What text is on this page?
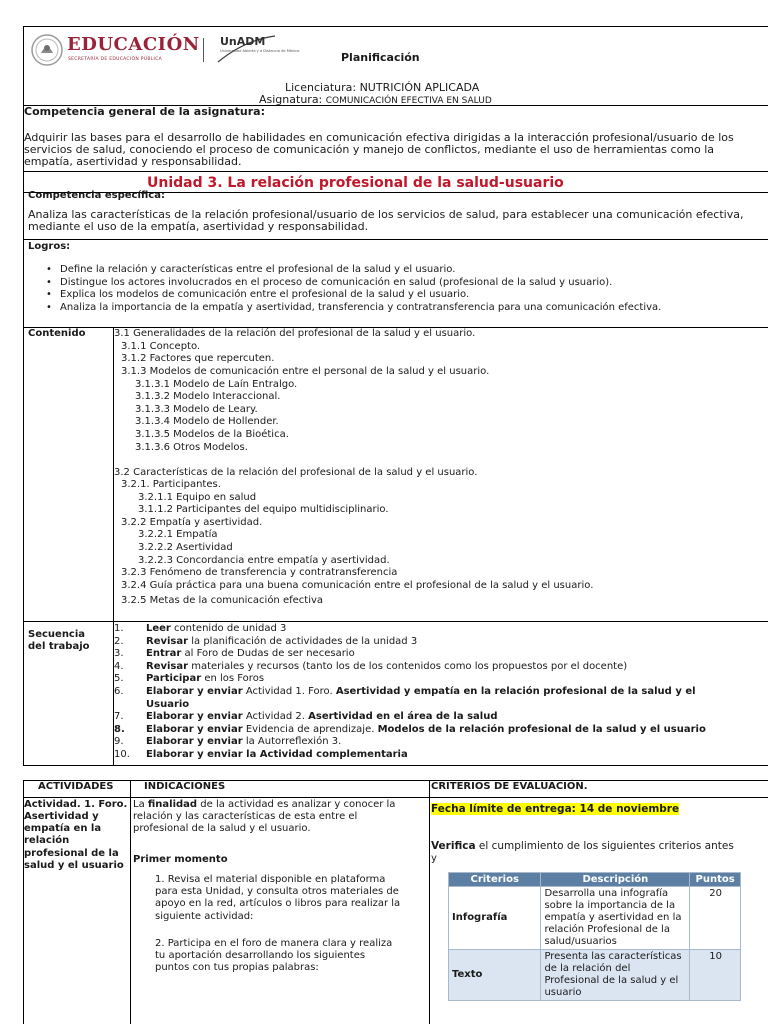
EDUCACIÓN
SECRETARÍA DE EDUCACIÓN PÚBLICA
UnADM
Universidad Abierta y a Distancia de México	Planificación
Licenciatura: NUTRICIÓN APLICADA
Asignatura: COMUNICACIÓN EFECTIVA EN SALUD
Competencia general de la asignatura:
Adquirir las bases para el desarrollo de habilidades en comunicación efectiva dirigidas a la interacción profesional/usuario de los
servicios de salud, conociendo el proceso de comunicación y manejo de conflictos, mediante el uso de herramientas como la
empatía, asertividad y responsabilidad.
Unidad 3. La relación profesional de la salud-usuario
Competencia específica:
Analiza las características de la relación profesional/usuario de los servicios de salud, para establecer una comunicación efectiva,
mediante el uso de la empatía, asertividad y responsabilidad.
Logros:
• Define la relación y características entre el profesional de la salud y el usuario.
• Distingue los actores involucrados en el proceso de comunicación en salud (profesional de la salud y usuario).
• Explica los modelos de comunicación entre el profesional de la salud y el usuario.
• Analiza la importancia de la empatía y asertividad, transferencia y contratransferencia para una comunicación efectiva.
Contenido	3.1 Generalidades de la relación del profesional de la salud y el usuario.
3.1.1 Concepto.
3.1.2 Factores que repercuten.
3.1.3 Modelos de comunicación entre el personal de la salud y el usuario.
3.1.3.1 Modelo de Laín Entralgo.
3.1.3.2 Modelo Interaccional.
3.1.3.3 Modelo de Leary.
3.1.3.4 Modelo de Hollender.
3.1.3.5 Modelos de la Bioética.
3.1.3.6 Otros Modelos.
3.2 Características de la relación del profesional de la salud y el usuario.
3.2.1. Participantes.
3.2.1.1 Equipo en salud
3.1.1.2 Participantes del equipo multidisciplinario.
3.2.2 Empatía y asertividad.
3.2.2.1 Empatía
3.2.2.2 Asertividad
3.2.2.3 Concordancia entre empatía y asertividad.
3.2.3 Fenómeno de transferencia y contratransferencia
3.2.4 Guía práctica para una buena comunicación entre el profesional de la salud y el usuario.
3.2.5 Metas de la comunicación efectiva
Secuencia
del trabajo
1.	Leer contenido de unidad 3
2.	Revisar la planificación de actividades de la unidad 3
3.	Entrar al Foro de Dudas de ser necesario
4.	Revisar materiales y recursos (tanto los de los contenidos como los propuestos por el docente)
5.	Participar en los Foros
6.	Elaborar y enviar Actividad 1. Foro. Asertividad y empatía en la relación profesional de la salud y el
Usuario
7.	Elaborar y enviar Actividad 2. Asertividad en el área de la salud
8.	Elaborar y enviar Evidencia de aprendizaje. Modelos de la relación profesional de la salud y el usuario
9.	Elaborar y enviar la Autorreflexión 3.
10.	Elaborar y enviar la Actividad complementaria
ACTIVIDADES	INDICACIONES	CRITERIOS DE EVALUACIÓN.
Actividad. 1. Foro.
Asertividad y
empatía en la
relación
profesional de la
salud y el usuario
La finalidad de la actividad es analizar y conocer la
relación y las características de esta entre el
profesional de la salud y el usuario.
Primer momento
1. Revisa el material disponible en plataforma
para esta Unidad, y consulta otros materiales de
apoyo en la red, artículos o libros para realizar la
siguiente actividad:
2. Participa en el foro de manera clara y realiza
tu aportación desarrollando los siguientes
puntos con tus propias palabras:
Fecha límite de entrega: 14 de noviembre
Verifica el cumplimiento de los siguientes criterios antes
y
Criterios	Descripción	Puntos
Infografía	Desarrolla una infografía
sobre la importancia de la
empatía y asertividad en la
relación Profesional de la
salud/usuarios	20
Texto	Presenta las características
de la relación del
Profesional de la salud y el
usuario	10
